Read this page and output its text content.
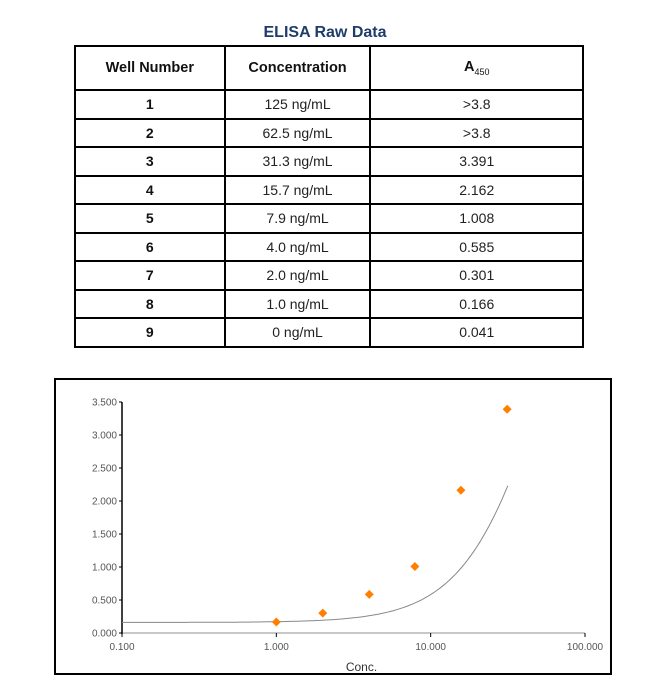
ELISA Raw Data
Well Number	Concentration	$A_{450}$
1	125 ng/mL	>3.8
2	62.5 ng/mL	>3.8
3	31.3 ng/mL	3.391
4	15.7 ng/mL	2.162
5	7.9 ng/mL	1.008
6	4.0 ng/mL	0.585
7	2.0 ng/mL	0.301
8	1.0 ng/mL	0.166
9	0 ng/mL	0.041
0.000
0.500
1.000
1.500
2.000
2.500
3.000
3.500
0.100	1.000	10.000	100.000
Conc.
